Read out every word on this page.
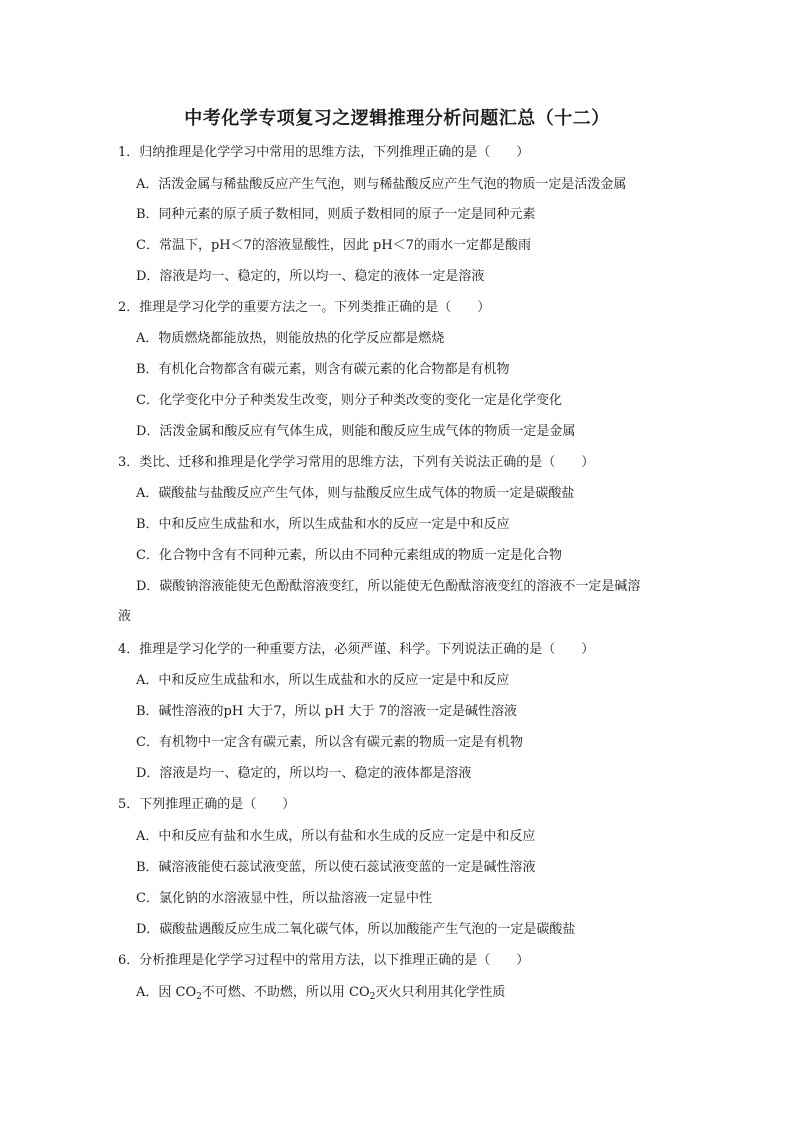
中考化学专项复习之逻辑推理分析问题汇总（十二）
1．归纳推理是化学学习中常用的思维方法，下列推理正确的是（　　）
A．活泼金属与稀盐酸反应产生气泡，则与稀盐酸反应产生气泡的物质一定是活泼金属
B．同种元素的原子质子数相同，则质子数相同的原子一定是同种元素
C．常温下，pH＜7的溶液显酸性，因此 pH＜7的雨水一定都是酸雨
D．溶液是均一、稳定的，所以均一、稳定的液体一定是溶液
2．推理是学习化学的重要方法之一。下列类推正确的是（　　）
A．物质燃烧都能放热，则能放热的化学反应都是燃烧
B．有机化合物都含有碳元素，则含有碳元素的化合物都是有机物
C．化学变化中分子种类发生改变，则分子种类改变的变化一定是化学变化
D．活泼金属和酸反应有气体生成，则能和酸反应生成气体的物质一定是金属
3．类比、迁移和推理是化学学习常用的思维方法，下列有关说法正确的是（　　）
A．碳酸盐与盐酸反应产生气体，则与盐酸反应生成气体的物质一定是碳酸盐
B．中和反应生成盐和水，所以生成盐和水的反应一定是中和反应
C．化合物中含有不同种元素，所以由不同种元素组成的物质一定是化合物
D．碳酸钠溶液能使无色酚酞溶液变红，所以能使无色酚酞溶液变红的溶液不一定是碱溶
液
4．推理是学习化学的一种重要方法，必须严谨、科学。下列说法正确的是（　　）
A．中和反应生成盐和水，所以生成盐和水的反应一定是中和反应
B．碱性溶液的pH 大于7，所以 pH 大于 7的溶液一定是碱性溶液
C．有机物中一定含有碳元素，所以含有碳元素的物质一定是有机物
D．溶液是均一、稳定的，所以均一、稳定的液体都是溶液
5．下列推理正确的是（　　）
A．中和反应有盐和水生成，所以有盐和水生成的反应一定是中和反应
B．碱溶液能使石蕊试液变蓝，所以使石蕊试液变蓝的一定是碱性溶液
C．氯化钠的水溶液显中性，所以盐溶液一定显中性
D．碳酸盐遇酸反应生成二氧化碳气体，所以加酸能产生气泡的一定是碳酸盐
6．分析推理是化学学习过程中的常用方法，以下推理正确的是（　　）
A．因 $CO_2$不可燃、不助燃，所以用 $CO_2$灭火只利用其化学性质
